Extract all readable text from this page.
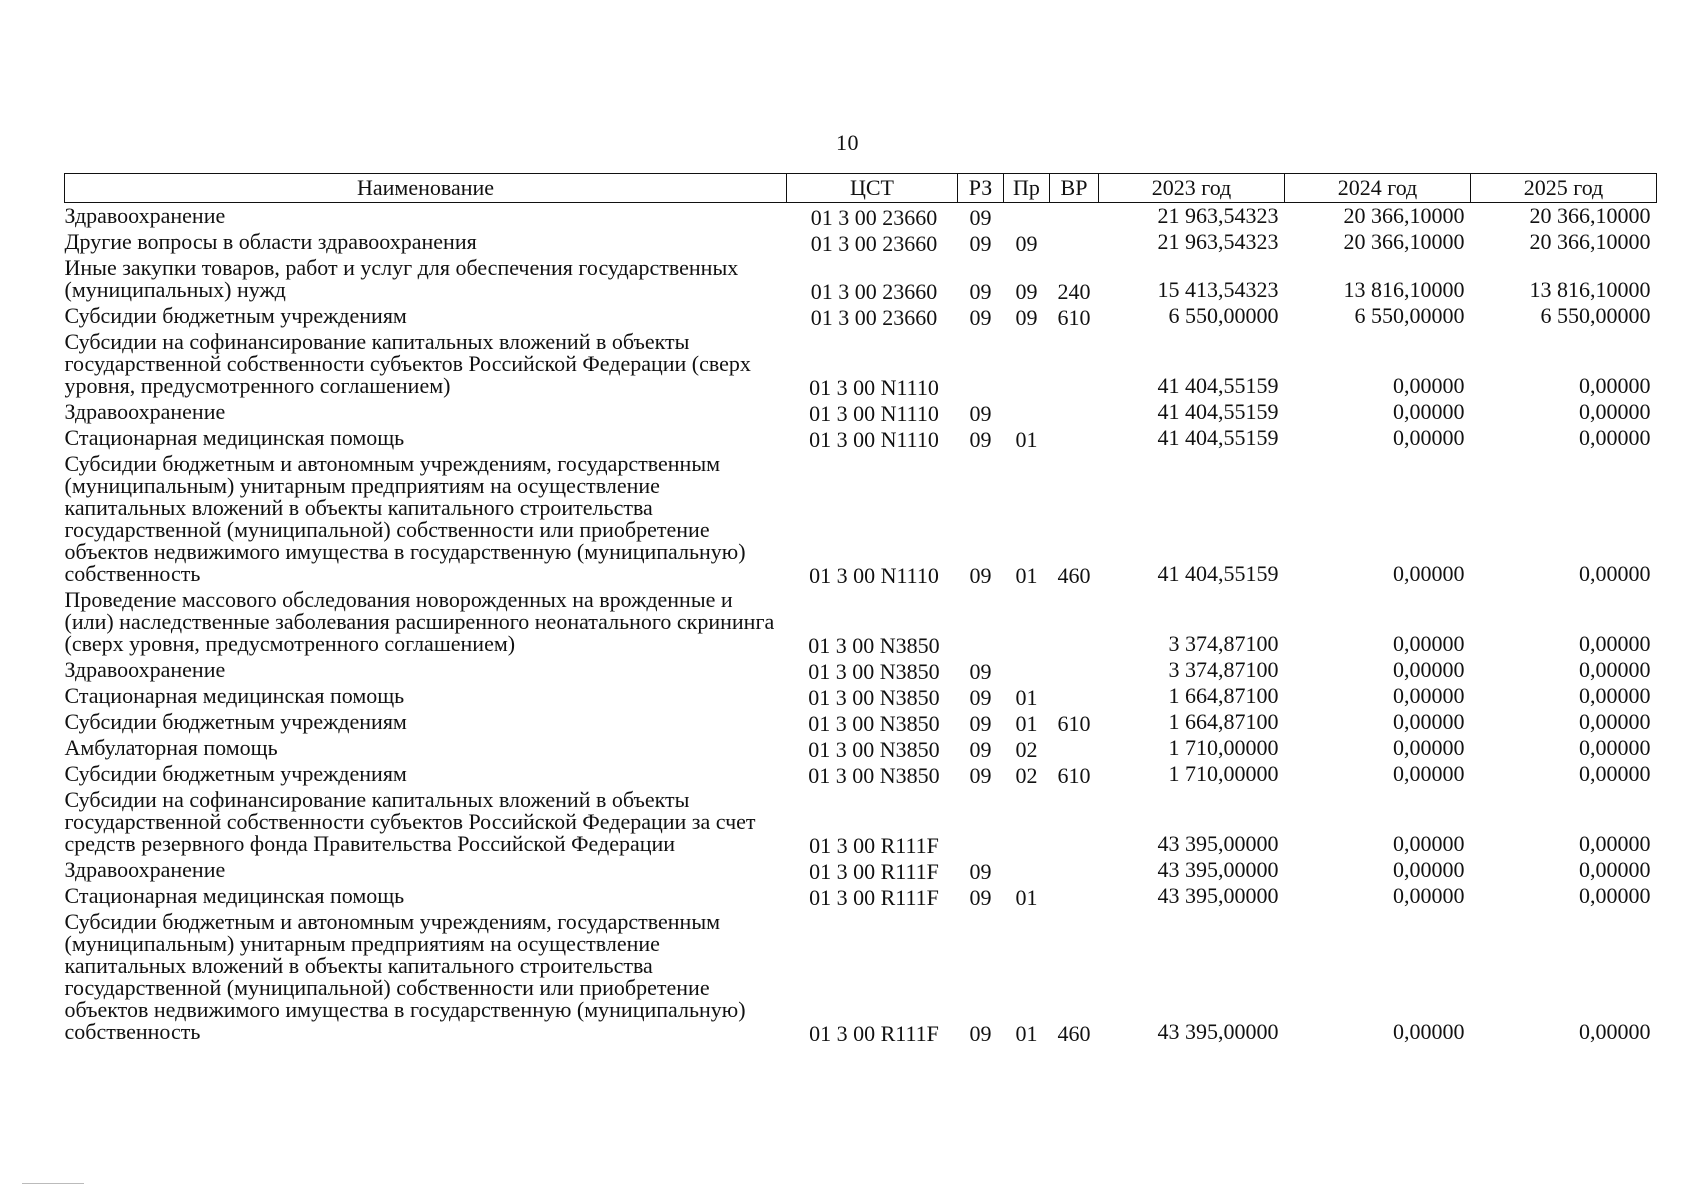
10
Наименование	ЦСТ	РЗ	Пр	ВР	2023 год	2024 год	2025 год
Здравоохранение	01 3 00 23660	09			21 963,54323	20 366,10000	20 366,10000
Другие вопросы в области здравоохранения	01 3 00 23660	09	09		21 963,54323	20 366,10000	20 366,10000
Иные закупки товаров, работ и услуг для обеспечения государственных (муниципальных) нужд	01 3 00 23660	09	09	240	15 413,54323	13 816,10000	13 816,10000
Субсидии бюджетным учреждениям	01 3 00 23660	09	09	610	6 550,00000	6 550,00000	6 550,00000
Субсидии на софинансирование капитальных вложений в объекты государственной собственности субъектов Российской Федерации (сверх уровня, предусмотренного соглашением)	01 3 00 N1110				41 404,55159	0,00000	0,00000
Здравоохранение	01 3 00 N1110	09			41 404,55159	0,00000	0,00000
Стационарная медицинская помощь	01 3 00 N1110	09	01		41 404,55159	0,00000	0,00000
Субсидии бюджетным и автономным учреждениям, государственным (муниципальным) унитарным предприятиям на осуществление капитальных вложений в объекты капитального строительства государственной (муниципальной) собственности или приобретение объектов недвижимого имущества в государственную (муниципальную) собственность	01 3 00 N1110	09	01	460	41 404,55159	0,00000	0,00000
Проведение массового обследования новорожденных на врожденные и (или) наследственные заболевания расширенного неонатального скрининга (сверх уровня, предусмотренного соглашением)	01 3 00 N3850				3 374,87100	0,00000	0,00000
Здравоохранение	01 3 00 N3850	09			3 374,87100	0,00000	0,00000
Стационарная медицинская помощь	01 3 00 N3850	09	01		1 664,87100	0,00000	0,00000
Субсидии бюджетным учреждениям	01 3 00 N3850	09	01	610	1 664,87100	0,00000	0,00000
Амбулаторная помощь	01 3 00 N3850	09	02		1 710,00000	0,00000	0,00000
Субсидии бюджетным учреждениям	01 3 00 N3850	09	02	610	1 710,00000	0,00000	0,00000
Субсидии на софинансирование капитальных вложений в объекты государственной собственности субъектов Российской Федерации за счет средств резервного фонда Правительства Российской Федерации	01 3 00 R111F				43 395,00000	0,00000	0,00000
Здравоохранение	01 3 00 R111F	09			43 395,00000	0,00000	0,00000
Стационарная медицинская помощь	01 3 00 R111F	09	01		43 395,00000	0,00000	0,00000
Субсидии бюджетным и автономным учреждениям, государственным (муниципальным) унитарным предприятиям на осуществление капитальных вложений в объекты капитального строительства государственной (муниципальной) собственности или приобретение объектов недвижимого имущества в государственную (муниципальную) собственность	01 3 00 R111F	09	01	460	43 395,00000	0,00000	0,00000
